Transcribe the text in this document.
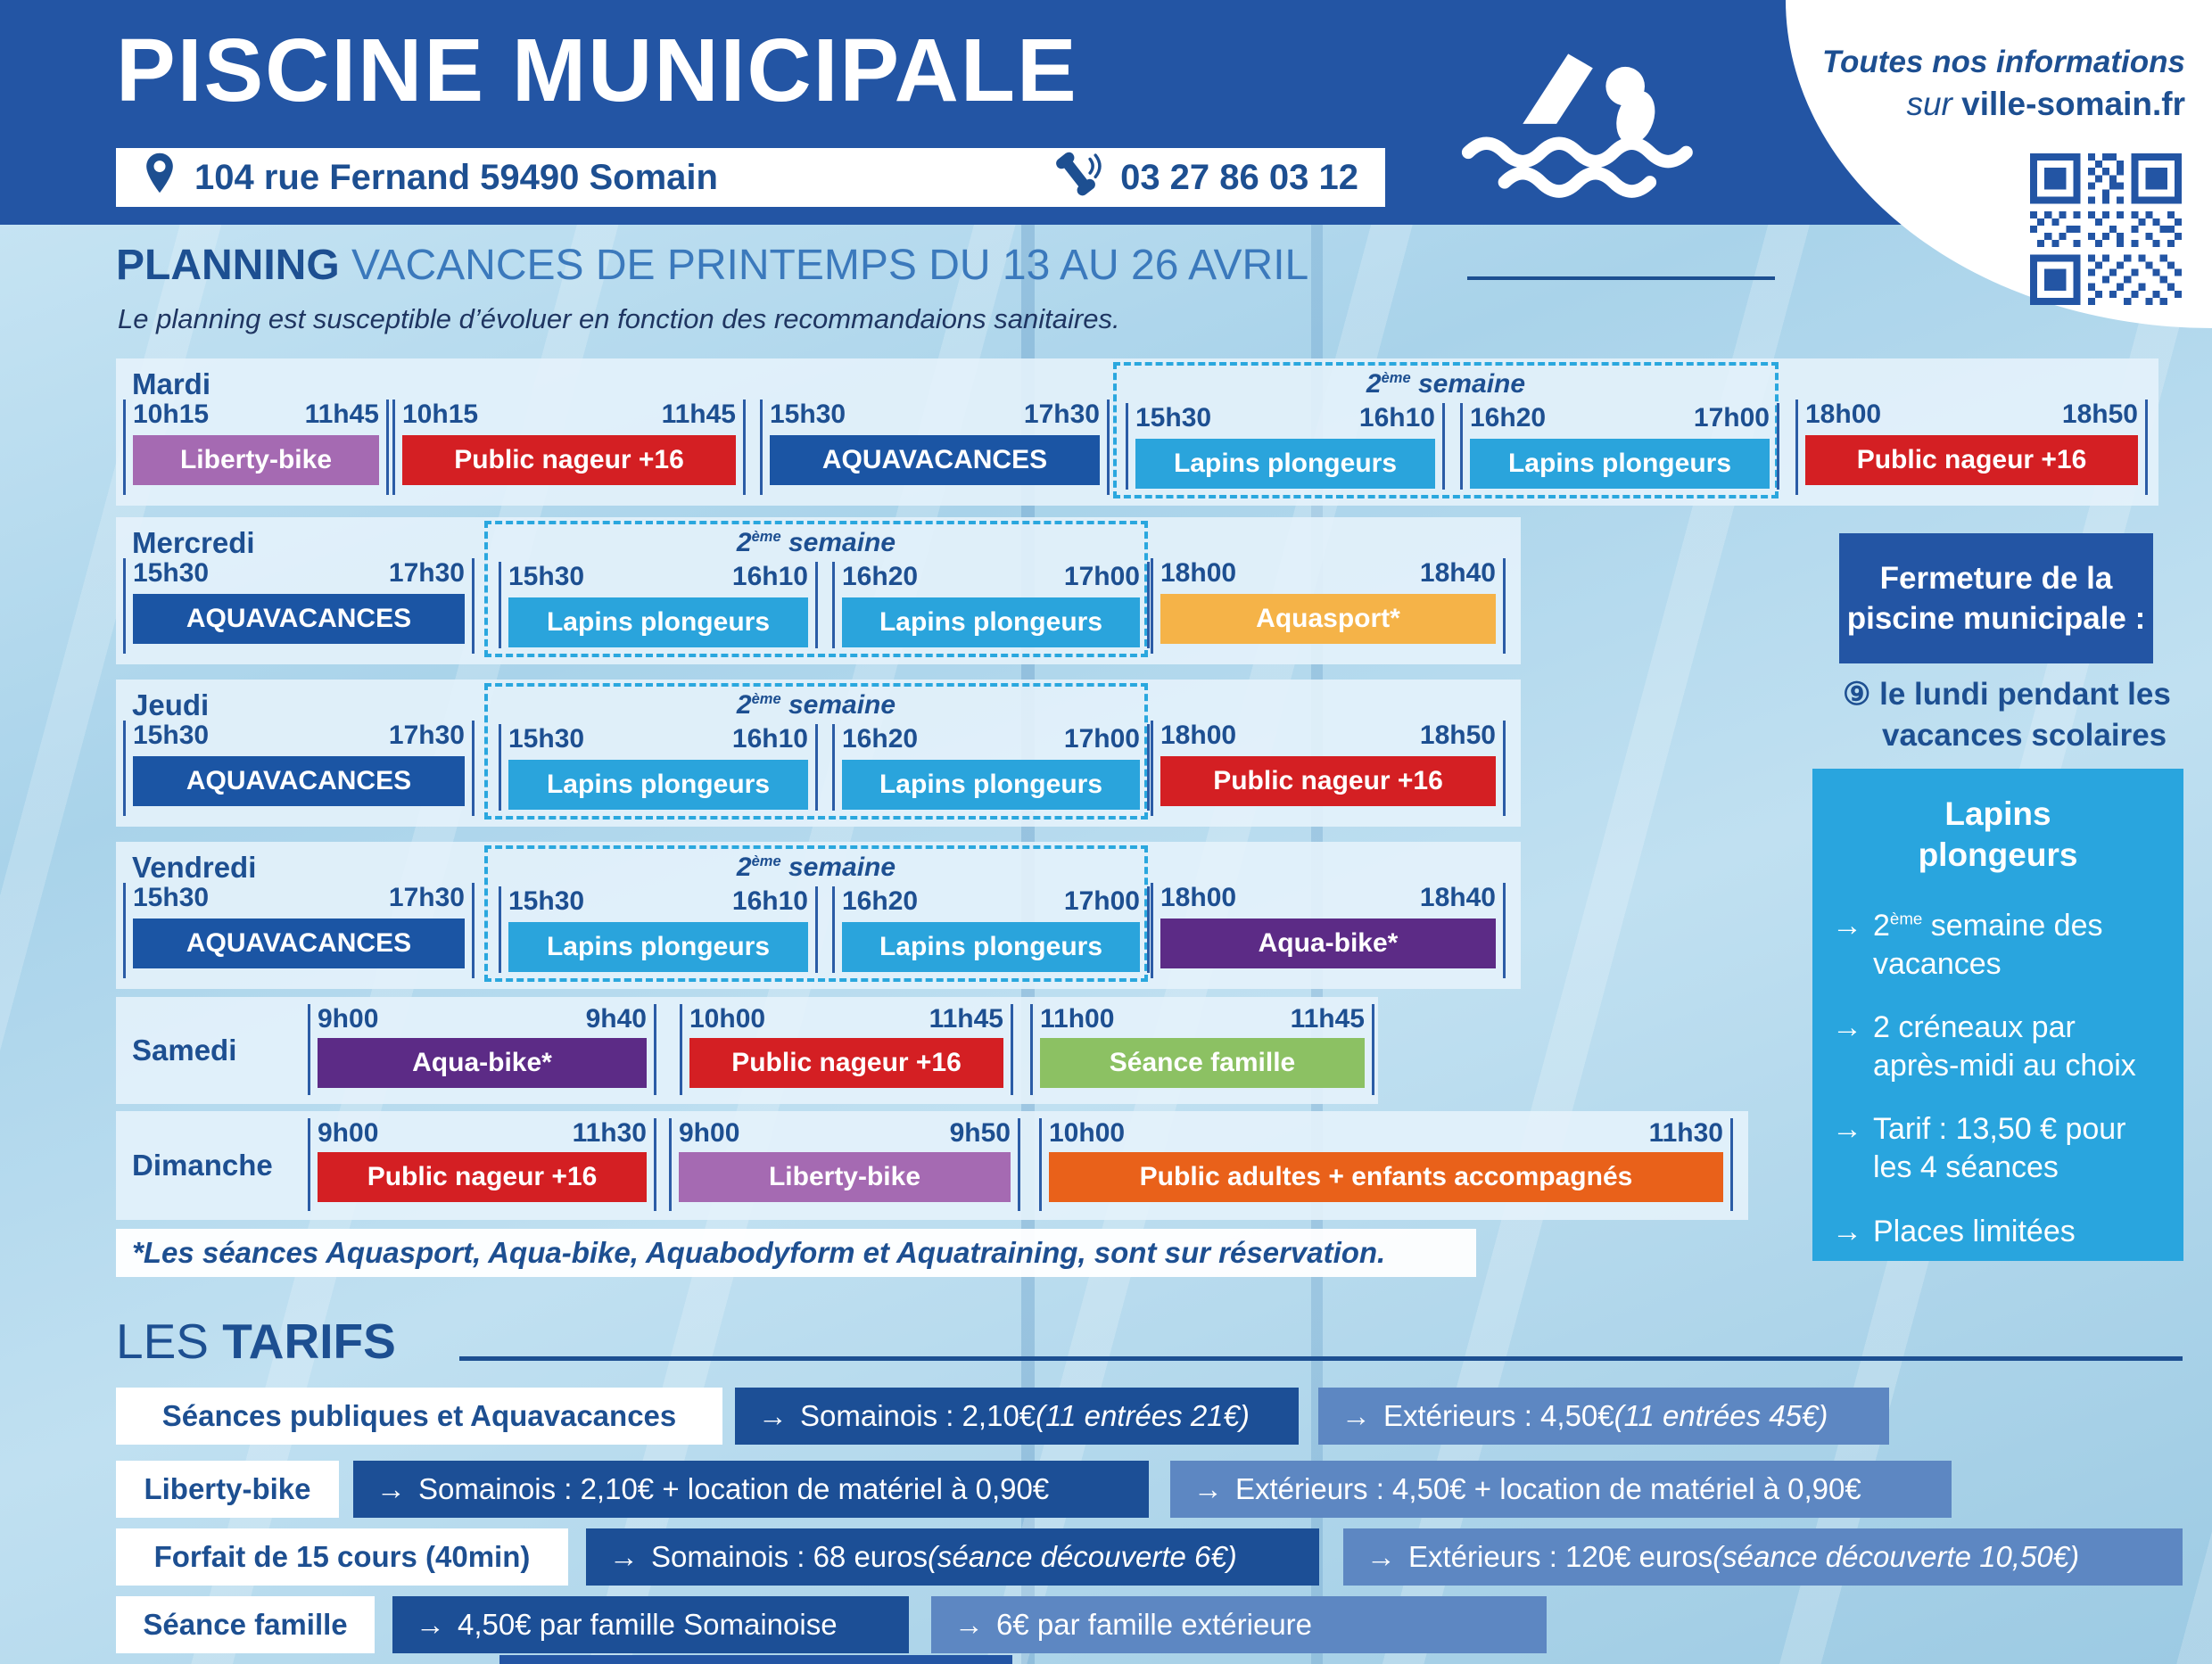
PISCINE MUNICIPALE
104 rue Fernand 59490 Somain	03 27 86 03 12
Toutes nos informations
sur ville-somain.fr
PLANNING VACANCES DE PRINTEMPS DU 13 AU 26 AVRIL
Le planning est susceptible d’évoluer en fonction des recommandaions sanitaires.
Mardi
10h15	11h45
Liberty-bike
10h15	11h45
Public nageur +16
15h30	17h30
AQUAVACANCES
2ème semaine
15h30	16h10
Lapins plongeurs
16h20	17h00
Lapins plongeurs
18h00	18h50
Public nageur +16
Mercredi
15h30	17h30
AQUAVACANCES
2ème semaine
15h30	16h10
Lapins plongeurs
16h20	17h00
Lapins plongeurs
18h00	18h40
Aquasport*
Jeudi
15h30	17h30
AQUAVACANCES
2ème semaine
15h30	16h10
Lapins plongeurs
16h20	17h00
Lapins plongeurs
18h00	18h50
Public nageur +16
Vendredi
15h30	17h30
AQUAVACANCES
2ème semaine
15h30	16h10
Lapins plongeurs
16h20	17h00
Lapins plongeurs
18h00	18h40
Aqua-bike*
Samedi
9h00	9h40
Aqua-bike*
10h00	11h45
Public nageur +16
11h00	11h45
Séance famille
Dimanche
9h00	11h30
Public nageur +16
9h00	9h50
Liberty-bike
10h00	11h30
Public adultes + enfants accompagnés
Fermeture de la
piscine municipale :
⑨ le lundi pendant les vacances scolaires
Lapins
plongeurs
→ 2ème semaine des vacances
→ 2 créneaux par après-midi au choix
→ Tarif : 13,50 € pour les 4 séances
→ Places limitées
*Les séances Aquasport, Aqua-bike, Aquabodyform et Aquatraining, sont sur réservation.
LES TARIFS
Séances publiques et Aquavacances	→ Somainois : 2,10€ (11 entrées 21€)	→ Extérieurs : 4,50€ (11 entrées 45€)
Liberty-bike	→ Somainois : 2,10€ + location de matériel à 0,90€	→ Extérieurs : 4,50€ + location de matériel à 0,90€
Forfait de 15 cours (40min)	→ Somainois : 68 euros (séance découverte 6€)	→ Extérieurs : 120€ euros (séance découverte 10,50€)
Séance famille	→ 4,50€ par famille Somainoise	→ 6€ par famille extérieure
